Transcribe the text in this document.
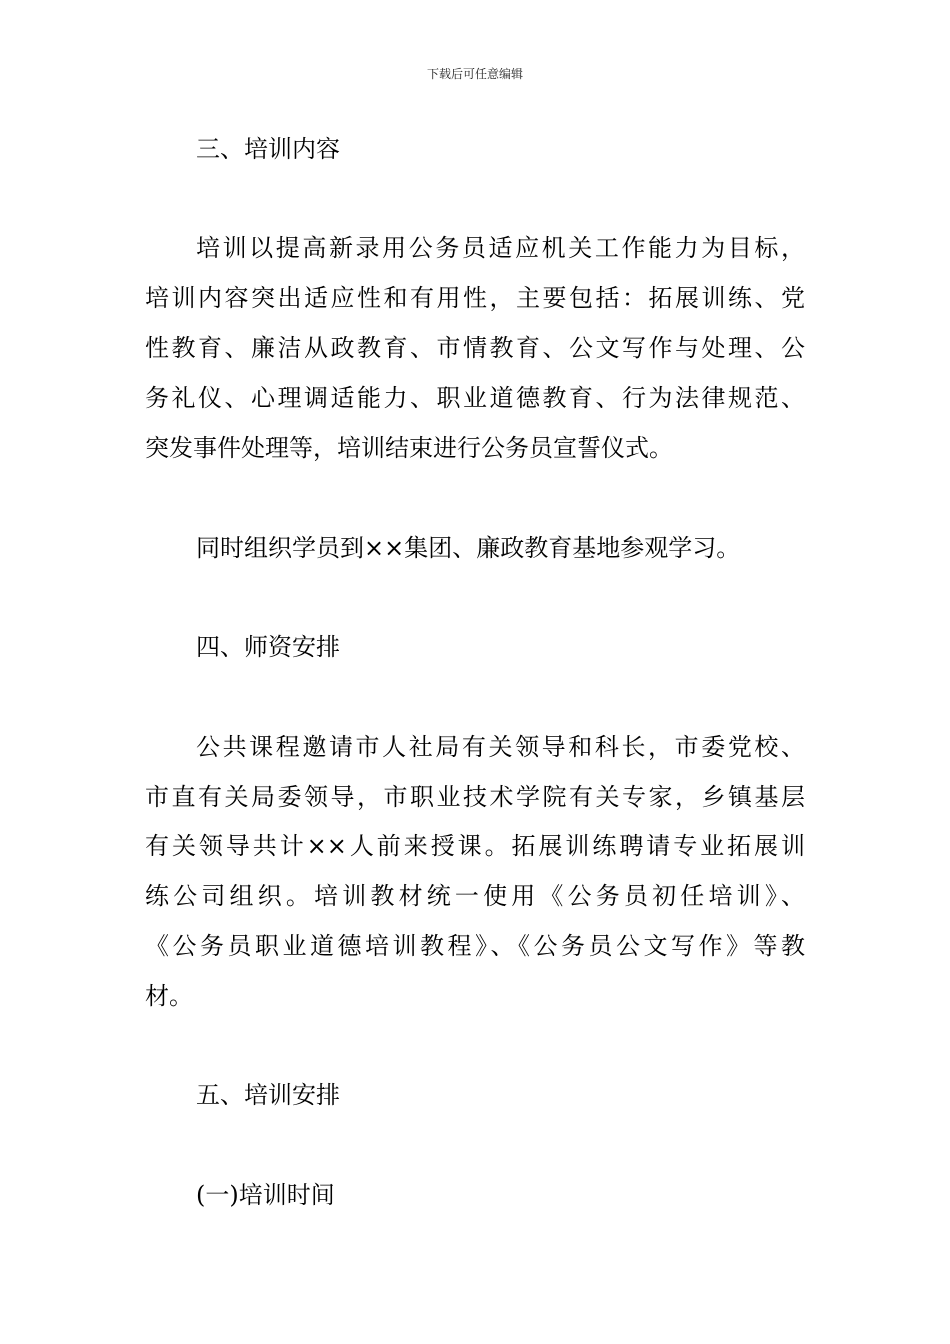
下载后可任意编辑
三、培训内容
培训以提高新录用公务员适应机关工作能力为目标，
培训内容突出适应性和有用性，主要包括：拓展训练、党
性教育、廉洁从政教育、市情教育、公文写作与处理、公
务礼仪、心理调适能力、职业道德教育、行为法律规范、
突发事件处理等，培训结束进行公务员宣誓仪式。
同时组织学员到××集团、廉政教育基地参观学习。
四、师资安排
公共课程邀请市人社局有关领导和科长，市委党校、
市直有关局委领导，市职业技术学院有关专家，乡镇基层
有关领导共计××人前来授课。拓展训练聘请专业拓展训
练公司组织。培训教材统一使用《公务员初任培训》、
《公务员职业道德培训教程》、《公务员公文写作》等教
材。
五、培训安排
(一)培训时间
